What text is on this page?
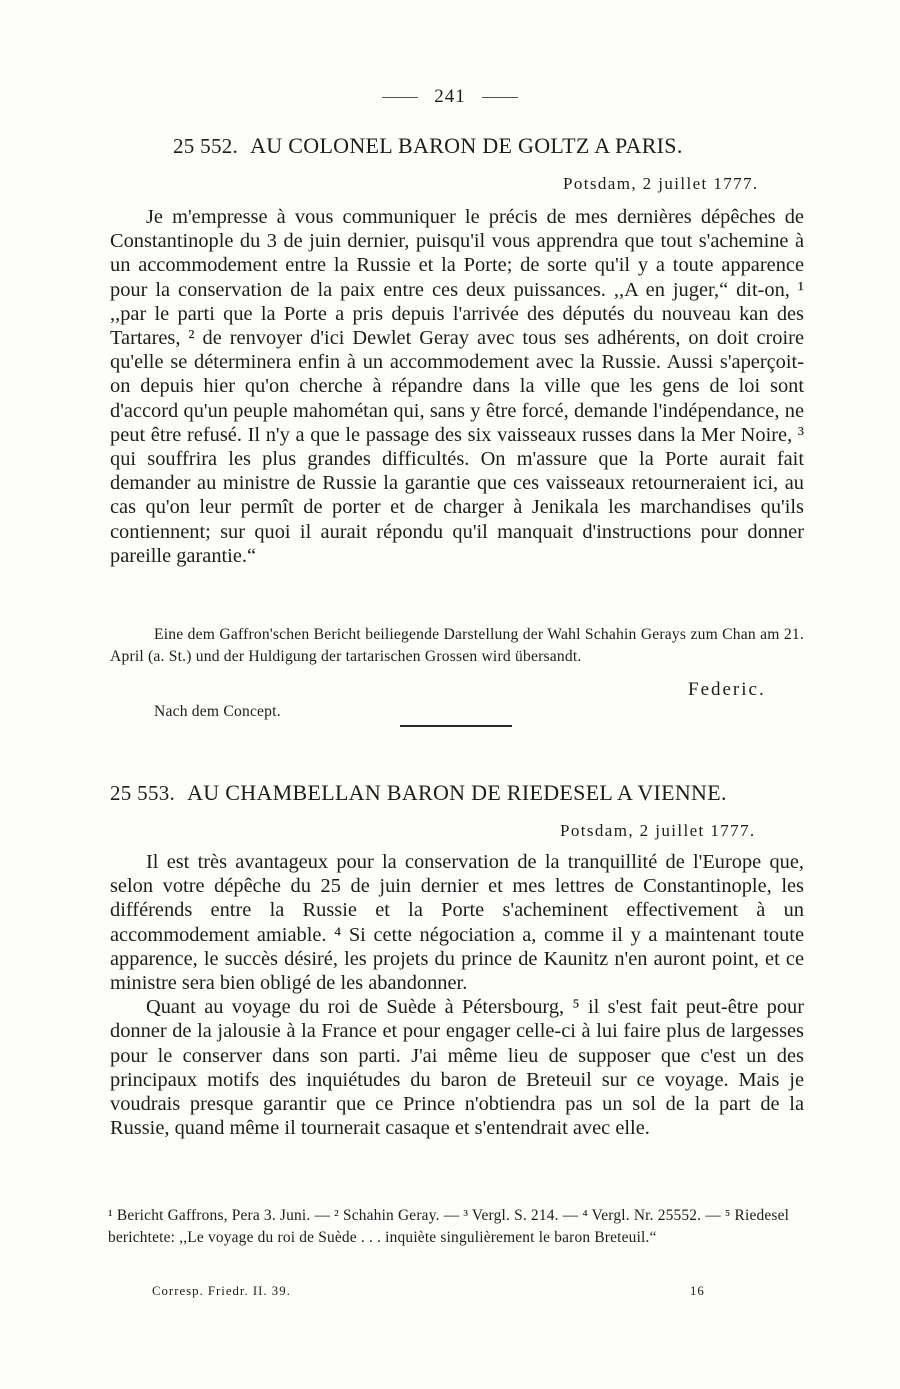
241
25 552. AU COLONEL BARON DE GOLTZ A PARIS.
Potsdam, 2 juillet 1777.

Je m'empresse à vous communiquer le précis de mes dernières dépêches de Constantinople du 3 de juin dernier, puisqu'il vous apprendra que tout s'achemine à un accommodement entre la Russie et la Porte; de sorte qu'il y a toute apparence pour la conservation de la paix entre ces deux puissances. ,,A en juger,“ dit-on, ¹ ,,par le parti que la Porte a pris depuis l'arrivée des députés du nouveau kan des Tartares, ² de renvoyer d'ici Dewlet Geray avec tous ses adhérents, on doit croire qu'elle se déterminera enfin à un accommodement avec la Russie. Aussi s'aperçoit-on depuis hier qu'on cherche à répandre dans la ville que les gens de loi sont d'accord qu'un peuple mahométan qui, sans y être forcé, demande l'indépendance, ne peut être refusé. Il n'y a que le passage des six vaisseaux russes dans la Mer Noire, ³ qui souffrira les plus grandes difficultés. On m'assure que la Porte aurait fait demander au ministre de Russie la garantie que ces vaisseaux retourneraient ici, au cas qu'on leur permît de porter et de charger à Jenikala les marchandises qu'ils contiennent; sur quoi il aurait répondu qu'il manquait d'instructions pour donner pareille garantie.“

Eine dem Gaffron'schen Bericht beiliegende Darstellung der Wahl Schahin Gerays zum Chan am 21. April (a. St.) und der Huldigung der tartarischen Grossen wird übersandt.

Federic.
Nach dem Concept.
25 553. AU CHAMBELLAN BARON DE RIEDESEL A VIENNE.
Potsdam, 2 juillet 1777.

Il est très avantageux pour la conservation de la tranquillité de l'Europe que, selon votre dépêche du 25 de juin dernier et mes lettres de Constantinople, les différends entre la Russie et la Porte s'acheminent effectivement à un accommodement amiable. ⁴ Si cette négociation a, comme il y a maintenant toute apparence, le succès désiré, les projets du prince de Kaunitz n'en auront point, et ce ministre sera bien obligé de les abandonner.

Quant au voyage du roi de Suède à Pétersbourg, ⁵ il s'est fait peut-être pour donner de la jalousie à la France et pour engager celle-ci à lui faire plus de largesses pour le conserver dans son parti. J'ai même lieu de supposer que c'est un des principaux motifs des inquiétudes du baron de Breteuil sur ce voyage. Mais je voudrais presque garantir que ce Prince n'obtiendra pas un sol de la part de la Russie, quand même il tournerait casaque et s'entendrait avec elle.

¹ Bericht Gaffrons, Pera 3. Juni. — ² Schahin Geray. — ³ Vergl. S. 214. — ⁴ Vergl. Nr. 25552. — ⁵ Riedesel berichtete: ,,Le voyage du roi de Suède . . . inquiète singulièrement le baron Breteuil.“

Corresp. Friedr. II. 39.	16
